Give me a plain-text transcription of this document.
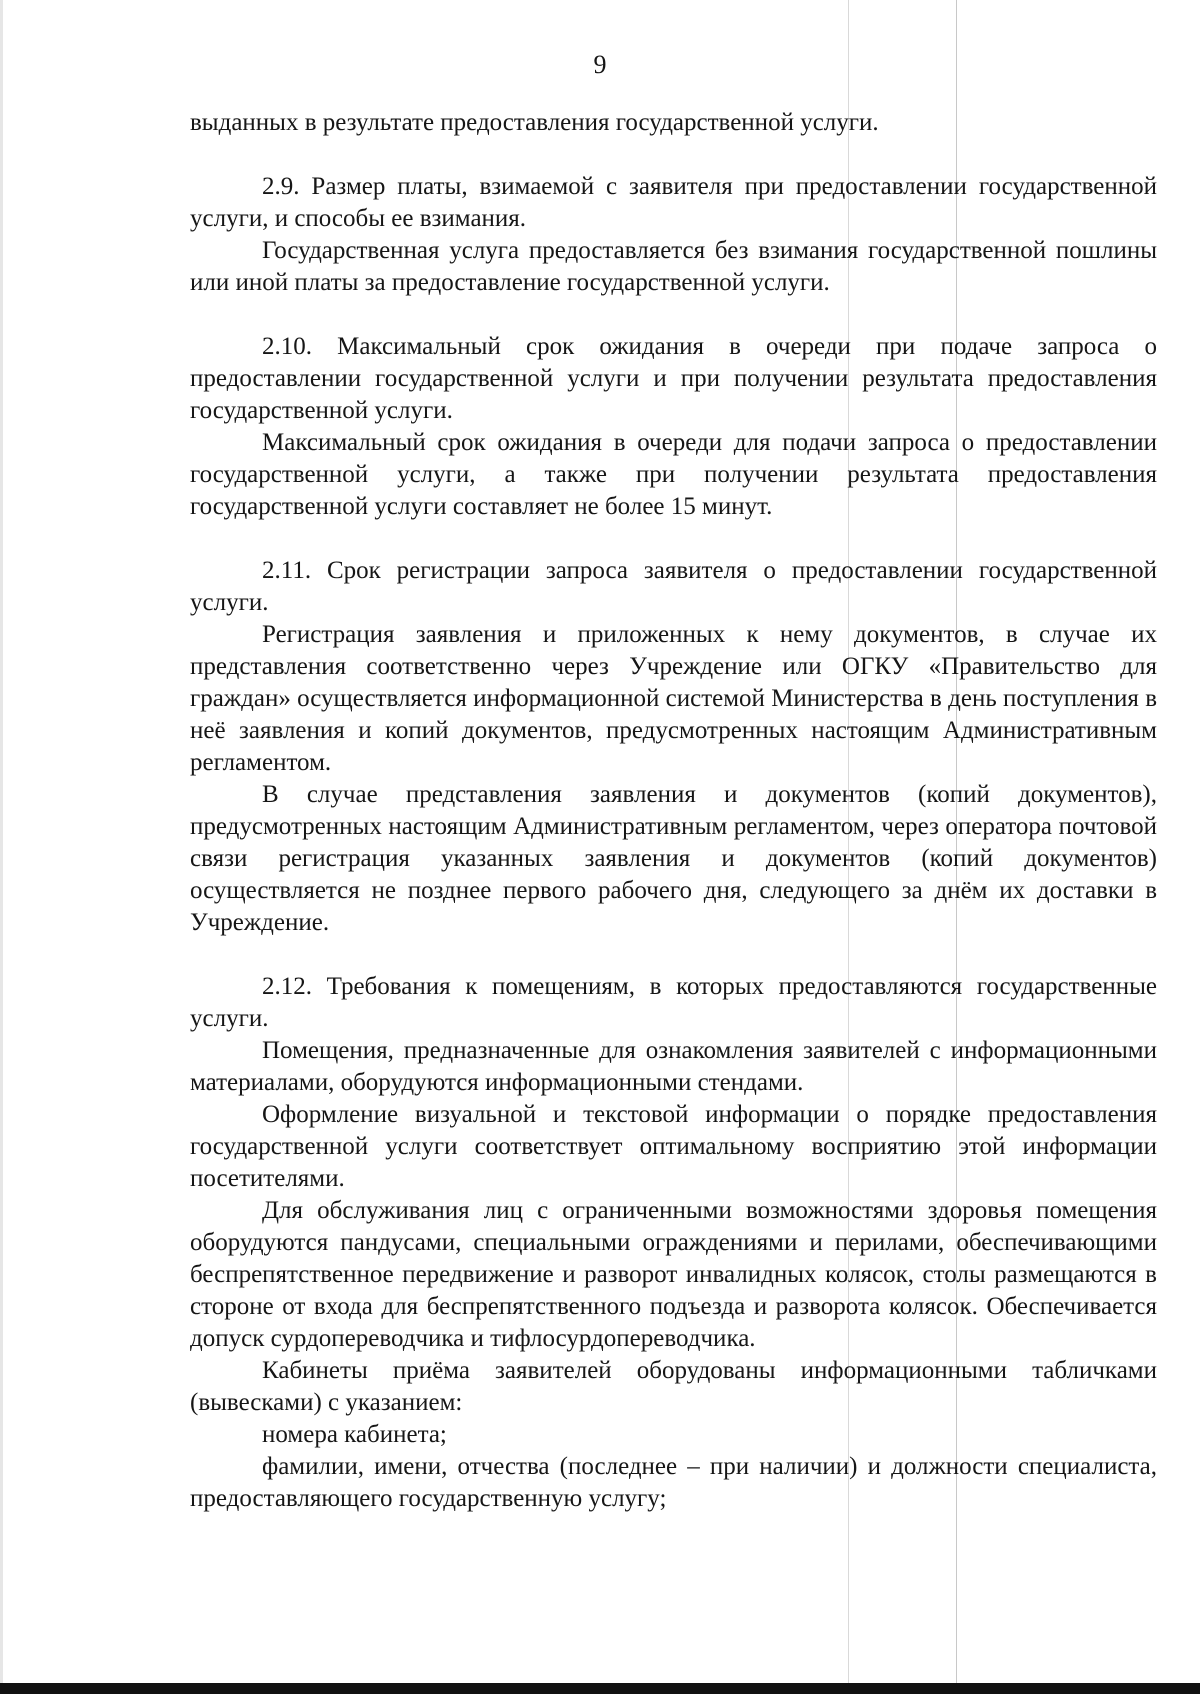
9

выданных в результате предоставления государственной услуги.

2.9. Размер платы, взимаемой с заявителя при предоставлении государственной услуги, и способы ее взимания.

Государственная услуга предоставляется без взимания государственной пошлины или иной платы за предоставление государственной услуги.

2.10. Максимальный срок ожидания в очереди при подаче запроса о предоставлении государственной услуги и при получении результата предоставления государственной услуги.

Максимальный срок ожидания в очереди для подачи запроса о предоставлении государственной услуги, а также при получении результата предоставления государственной услуги составляет не более 15 минут.

2.11. Срок регистрации запроса заявителя о предоставлении государственной услуги.

Регистрация заявления и приложенных к нему документов, в случае их представления соответственно через Учреждение или ОГКУ «Правительство для граждан» осуществляется информационной системой Министерства в день поступления в неё заявления и копий документов, предусмотренных настоящим Административным регламентом.

В случае представления заявления и документов (копий документов), предусмотренных настоящим Административным регламентом, через оператора почтовой связи регистрация указанных заявления и документов (копий документов) осуществляется не позднее первого рабочего дня, следующего за днём их доставки в Учреждение.

2.12. Требования к помещениям, в которых предоставляются государственные услуги.

Помещения, предназначенные для ознакомления заявителей с информационными материалами, оборудуются информационными стендами.

Оформление визуальной и текстовой информации о порядке предоставления государственной услуги соответствует оптимальному восприятию этой информации посетителями.

Для обслуживания лиц с ограниченными возможностями здоровья помещения оборудуются пандусами, специальными ограждениями и перилами, обеспечивающими беспрепятственное передвижение и разворот инвалидных колясок, столы размещаются в стороне от входа для беспрепятственного подъезда и разворота колясок. Обеспечивается допуск сурдопереводчика и тифлосурдопереводчика.

Кабинеты приёма заявителей оборудованы информационными табличками (вывесками) с указанием:

номера кабинета;

фамилии, имени, отчества (последнее – при наличии) и должности специалиста, предоставляющего государственную услугу;
